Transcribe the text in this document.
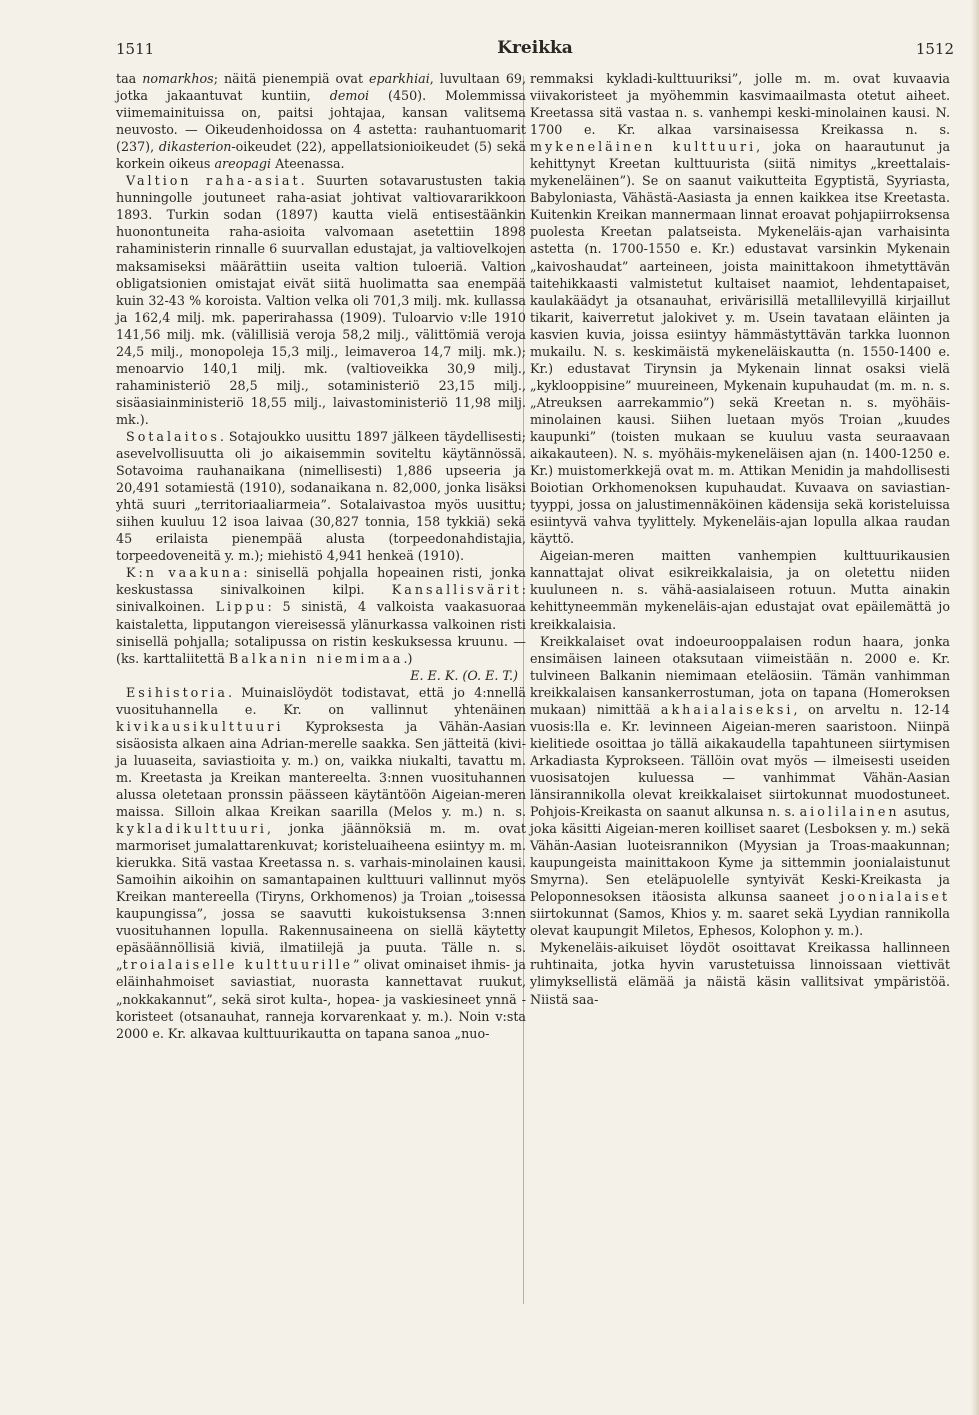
1511	Kreikka	1512

taa nomarkhos; näitä pienempiä ovat eparkhiai, luvultaan 69, jotka jakaantuvat kuntiin, demoi (450). Molemmissa viimemainituissa on, paitsi johtajaa, kansan valitsema neuvosto. — Oikeudenhoidossa on 4 astetta: rauhantuomarit (237), dikasterion-oikeudet (22), appellatsionioikeudet (5) sekä korkein oikeus areopagi Ateenassa.

Valtion raha-asiat. Suurten sotavarustusten takia hunningolle joutuneet raha-asiat johtivat valtiovararikkoon 1893. Turkin sodan (1897) kautta vielä entisestäänkin huonontuneita raha-asioita valvomaan asetettiin 1898 rahaministerin rinnalle 6 suurvallan edustajat, ja valtiovelkojen maksamiseksi määrättiin useita valtion tuloeriä. Valtion obligatsionien omistajat eivät siitä huolimatta saa enempää kuin 32-43 % koroista. Valtion velka oli 701,3 milj. mk. kullassa ja 162,4 milj. mk. paperirahassa (1909). Tuloarvio v:lle 1910 141,56 milj. mk. (välillisiä veroja 58,2 milj., välittömiä veroja 24,5 milj., monopoleja 15,3 milj., leimaveroa 14,7 milj. mk.); menoarvio 140,1 milj. mk. (valtioveikka 30,9 milj., rahaministeriö 28,5 milj., sotaministeriö 23,15 milj., sisäasiainministeriö 18,55 milj., laivastoministeriö 11,98 milj. mk.).

Sotalaitos. Sotajoukko uusittu 1897 jälkeen täydellisesti; asevelvollisuutta oli jo aikaisemmin soviteltu käytännössä. Sotavoima rauhanaikana (nimellisesti) 1,886 upseeria ja 20,491 sotamiestä (1910), sodanaikana n. 82,000, jonka lisäksi yhtä suuri „territoriaaliarmeia”. Sotalaivastoa myös uusittu; siihen kuuluu 12 isoa laivaa (30,827 tonnia, 158 tykkiä) sekä 45 erilaista pienempää alusta (torpeedonahdistajia, torpeedoveneitä y. m.); miehistö 4,941 henkeä (1910).

K:n vaakuna: sinisellä pohjalla hopeainen risti, jonka keskustassa sinivalkoinen kilpi. Kansallisvärit: sinivalkoinen. Lippu: 5 sinistä, 4 valkoista vaakasuoraa kaistaletta, lipputangon viereisessä ylänurkassa valkoinen risti sinisellä pohjalla; sotalipussa on ristin keskuksessa kruunu. — (ks. karttaliitettä Balkanin niemimaa.)
E. E. K. (O. E. T.)

Esihistoria. Muinaislöydöt todistavat, että jo 4:nnellä vuosituhannella e. Kr. on vallinnut yhtenäinen kivikausikulttuuri Kyproksesta ja Vähän-Aasian sisäosista alkaen aina Adrian-merelle saakka. Sen jätteitä (kivi- ja luuaseita, saviastioita y. m.) on, vaikka niukalti, tavattu m. m. Kreetasta ja Kreikan mantereelta. 3:nnen vuosituhannen alussa oletetaan pronssin päässeen käytäntöön Aigeian-meren maissa. Silloin alkaa Kreikan saarilla (Melos y. m.) n. s. kykladikulttuuri, jonka jäännöksiä m. m. ovat marmoriset jumalattarenkuvat; koristeluaiheena esiintyy m. m. kierukka. Sitä vastaa Kreetassa n. s. varhais-minolainen kausi. Samoihin aikoihin on samantapainen kulttuuri vallinnut myös Kreikan mantereella (Tiryns, Orkhomenos) ja Troian „toisessa kaupungissa”, jossa se saavutti kukoistuksensa 3:nnen vuosituhannen lopulla. Rakennusaineena on siellä käytetty epäsäännöllisiä kiviä, ilmatiilejä ja puuta. Tälle n. s. „troialaiselle kulttuurille” olivat ominaiset ihmis- ja eläinhahmoiset saviastiat, nuorasta kannettavat ruukut, „nokkakannut”, sekä sirot kulta-, hopea- ja vaskiesineet ynnä -koristeet (otsanauhat, ranneja korvarenkaat y. m.). Noin v:sta 2000 e. Kr. alkavaa kulttuurikautta on tapana sanoa „nuo-

remmaksi kykladi-kulttuuriksi”, jolle m. m. ovat kuvaavia viivakoristeet ja myöhemmin kasvimaailmasta otetut aiheet. Kreetassa sitä vastaa n. s. vanhempi keski-minolainen kausi. N. 1700 e. Kr. alkaa varsinaisessa Kreikassa n. s. mykeneläinen kulttuuri, joka on haarautunut ja kehittynyt Kreetan kulttuurista (siitä nimitys „kreettalais-mykeneläinen”). Se on saanut vaikutteita Egyptistä, Syyriasta, Babyloniasta, Vähästä-Aasiasta ja ennen kaikkea itse Kreetasta. Kuitenkin Kreikan mannermaan linnat eroavat pohjapiirroksensa puolesta Kreetan palatseista. Mykeneläis-ajan varhaisinta astetta (n. 1700-1550 e. Kr.) edustavat varsinkin Mykenain „kaivoshaudat” aarteineen, joista mainittakoon ihmetyttävän taitehikkaasti valmistetut kultaiset naamiot, lehdentapaiset, kaulakäädyt ja otsanauhat, erivärisillä metallilevyillä kirjaillut tikarit, kaiverretut jalokivet y. m. Usein tavataan eläinten ja kasvien kuvia, joissa esiintyy hämmästyttävän tarkka luonnon mukailu. N. s. keskimäistä mykeneläiskautta (n. 1550-1400 e. Kr.) edustavat Tirynsin ja Mykenain linnat osaksi vielä „kyklooppisine” muureineen, Mykenain kupuhaudat (m. m. n. s. „Atreuksen aarrekammio”) sekä Kreetan n. s. myöhäis-minolainen kausi. Siihen luetaan myös Troian „kuudes kaupunki” (toisten mukaan se kuuluu vasta seuraavaan aikakauteen). N. s. myöhäis-mykeneläisen ajan (n. 1400-1250 e. Kr.) muistomerkkejä ovat m. m. Attikan Menidin ja mahdollisesti Boiotian Orkhomenoksen kupuhaudat. Kuvaava on saviastian-tyyppi, jossa on jalustimennäköinen kädensija sekä koristeluissa esiintyvä vahva tyylittely. Mykeneläis-ajan lopulla alkaa raudan käyttö.

Aigeian-meren maitten vanhempien kulttuurikausien kannattajat olivat esikreikkalaisia, ja on oletettu niiden kuuluneen n. s. vähä-aasialaiseen rotuun. Mutta ainakin kehittyneemmän mykeneläis-ajan edustajat ovat epäilemättä jo kreikkalaisia.

Kreikkalaiset ovat indoeurooppalaisen rodun haara, jonka ensimäisen laineen otaksutaan viimeistään n. 2000 e. Kr. tulvineen Balkanin niemimaan eteläosiin. Tämän vanhimman kreikkalaisen kansankerrostuman, jota on tapana (Homeroksen mukaan) nimittää akhaialaiseksi, on arveltu n. 12-14 vuosis:lla e. Kr. levinneen Aigeian-meren saaristoon. Niinpä kielitiede osoittaa jo tällä aikakaudella tapahtuneen siirtymisen Arkadiasta Kyprokseen. Tällöin ovat myös — ilmeisesti useiden vuosisatojen kuluessa — vanhimmat Vähän-Aasian länsirannikolla olevat kreikkalaiset siirtokunnat muodostuneet. Pohjois-Kreikasta on saanut alkunsa n. s. aiolilainen asutus, joka käsitti Aigeian-meren koilliset saaret (Lesboksen y. m.) sekä Vähän-Aasian luoteisrannikon (Myysian ja Troas-maakunnan; kaupungeista mainittakoon Kyme ja sittemmin joonialaistunut Smyrna). Sen eteläpuolelle syntyivät Keski-Kreikasta ja Peloponnesoksen itäosista alkunsa saaneet joonialaiset siirtokunnat (Samos, Khios y. m. saaret sekä Lyydian rannikolla olevat kaupungit Miletos, Ephesos, Kolophon y. m.).

Mykeneläis-aikuiset löydöt osoittavat Kreikassa hallinneen ruhtinaita, jotka hyvin varustetuissa linnoissaan viettivät ylimyksellistä elämää ja näistä käsin vallitsivat ympäristöä. Niistä saa-
